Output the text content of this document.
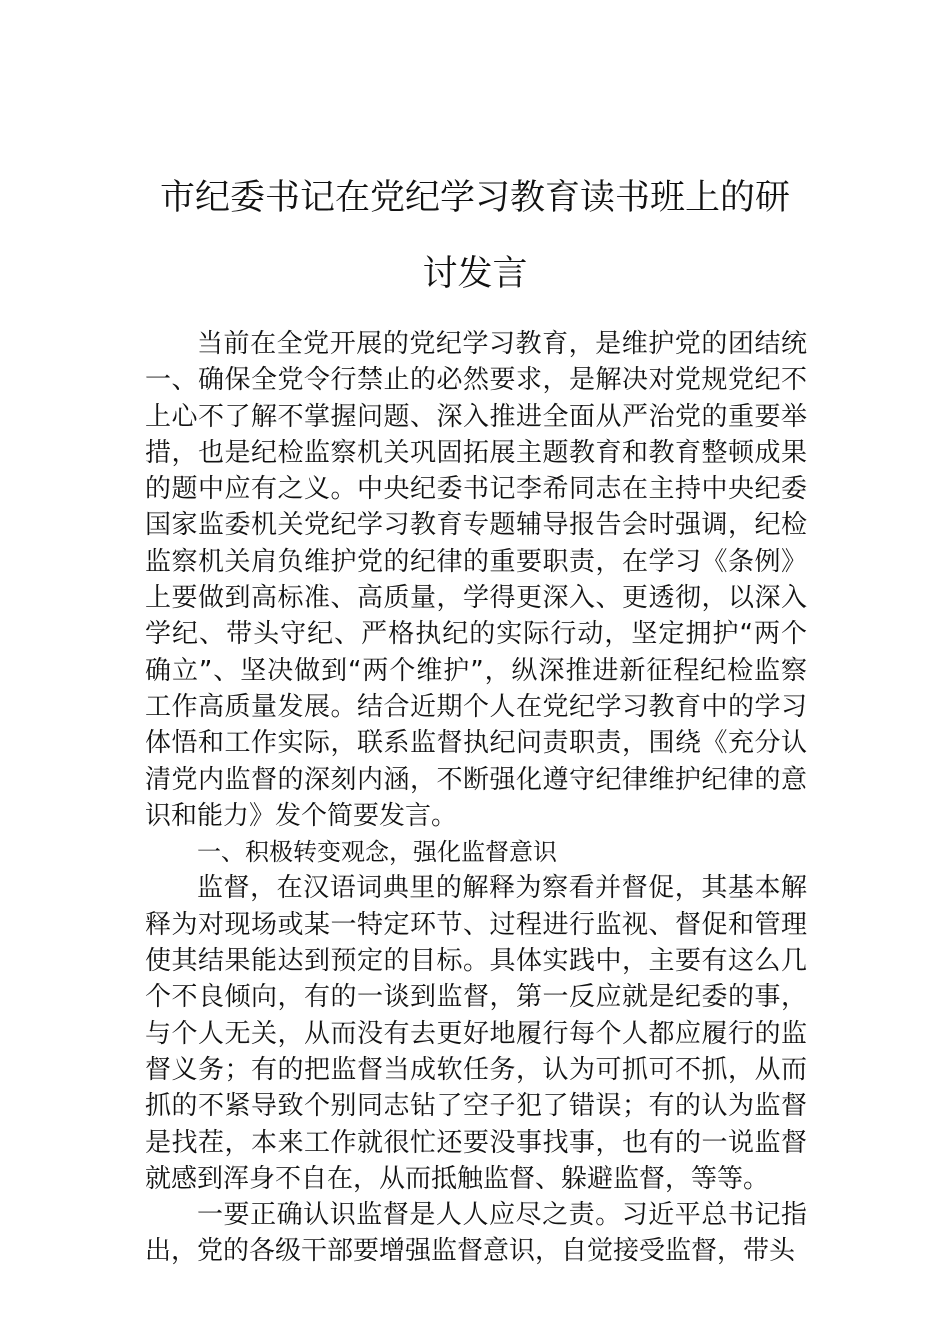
市纪委书记在党纪学习教育读书班上的研讨发言

当前在全党开展的党纪学习教育，是维护党的团结统一、确保全党令行禁止的必然要求，是解决对党规党纪不上心不了解不掌握问题、深入推进全面从严治党的重要举措，也是纪检监察机关巩固拓展主题教育和教育整顿成果的题中应有之义。中央纪委书记李希同志在主持中央纪委国家监委机关党纪学习教育专题辅导报告会时强调，纪检监察机关肩负维护党的纪律的重要职责，在学习《条例》上要做到高标准、高质量，学得更深入、更透彻，以深入学纪、带头守纪、严格执纪的实际行动，坚定拥护“两个确立”、坚决做到“两个维护”，纵深推进新征程纪检监察工作高质量发展。结合近期个人在党纪学习教育中的学习体悟和工作实际，联系监督执纪问责职责，围绕《充分认清党内监督的深刻内涵，不断强化遵守纪律维护纪律的意识和能力》发个简要发言。

一、积极转变观念，强化监督意识

监督，在汉语词典里的解释为察看并督促，其基本解释为对现场或某一特定环节、过程进行监视、督促和管理使其结果能达到预定的目标。具体实践中，主要有这么几个不良倾向，有的一谈到监督，第一反应就是纪委的事，与个人无关，从而没有去更好地履行每个人都应履行的监督义务；有的把监督当成软任务，认为可抓可不抓，从而抓的不紧导致个别同志钻了空子犯了错误；有的认为监督是找茬，本来工作就很忙还要没事找事，也有的一说监督就感到浑身不自在，从而抵触监督、躲避监督，等等。

一要正确认识监督是人人应尽之责。习近平总书记指出，党的各级干部要增强监督意识，自觉接受监督，带头
